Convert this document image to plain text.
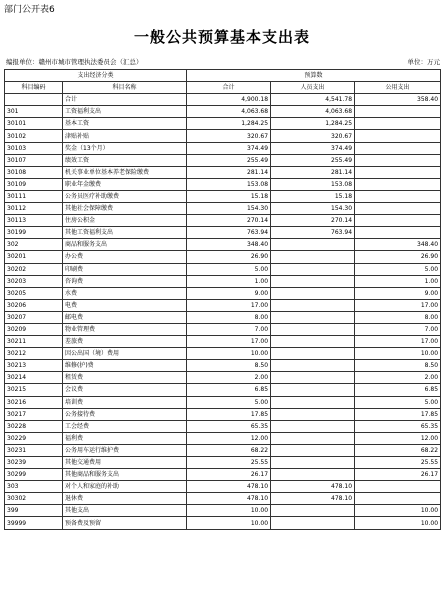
部门公开表6
一般公共预算基本支出表
编报单位：赣州市城市管理执法委员会（汇总）	单位：万元
支出经济分类		预算数		
科目编码	科目名称	合计	人员支出	公用支出
	合计	4,900.18	4,541.78	358.40
301	工资福利支出	4,063.68	4,063.68	
30101	基本工资	1,284.25	1,284.25	
30102	津贴补贴	320.67	320.67	
30103	奖金（13个月）	374.49	374.49	
30107	绩效工资	255.49	255.49	
30108	机关事业单位基本养老保险缴费	281.14	281.14	
30109	职业年金缴费	153.08	153.08	
30111	公务员医疗补助缴费	15.18	15.18	
30112	其他社会保障缴费	154.30	154.30	
30113	住房公积金	270.14	270.14	
30199	其他工资福利支出	763.94	763.94	
302	商品和服务支出	348.40		348.40
30201	办公费	26.90		26.90
30202	印刷费	5.00		5.00
30203	咨询费	1.00		1.00
30205	水费	9.00		9.00
30206	电费	17.00		17.00
30207	邮电费	8.00		8.00
30209	物业管理费	7.00		7.00
30211	差旅费	17.00		17.00
30212	因公出国（境）费用	10.00		10.00
30213	维修(护)费	8.50		8.50
30214	租赁费	2.00		2.00
30215	会议费	6.85		6.85
30216	培训费	5.00		5.00
30217	公务接待费	17.85		17.85
30228	工会经费	65.35		65.35
30229	福利费	12.00		12.00
30231	公务用车运行维护费	68.22		68.22
30239	其他交通费用	25.55		25.55
30299	其他商品和服务支出	26.17		26.17
303	对个人和家庭的补助	478.10	478.10	
30302	退休费	478.10	478.10	
399	其他支出	10.00		10.00
39999	预备费及预留	10.00		10.00
